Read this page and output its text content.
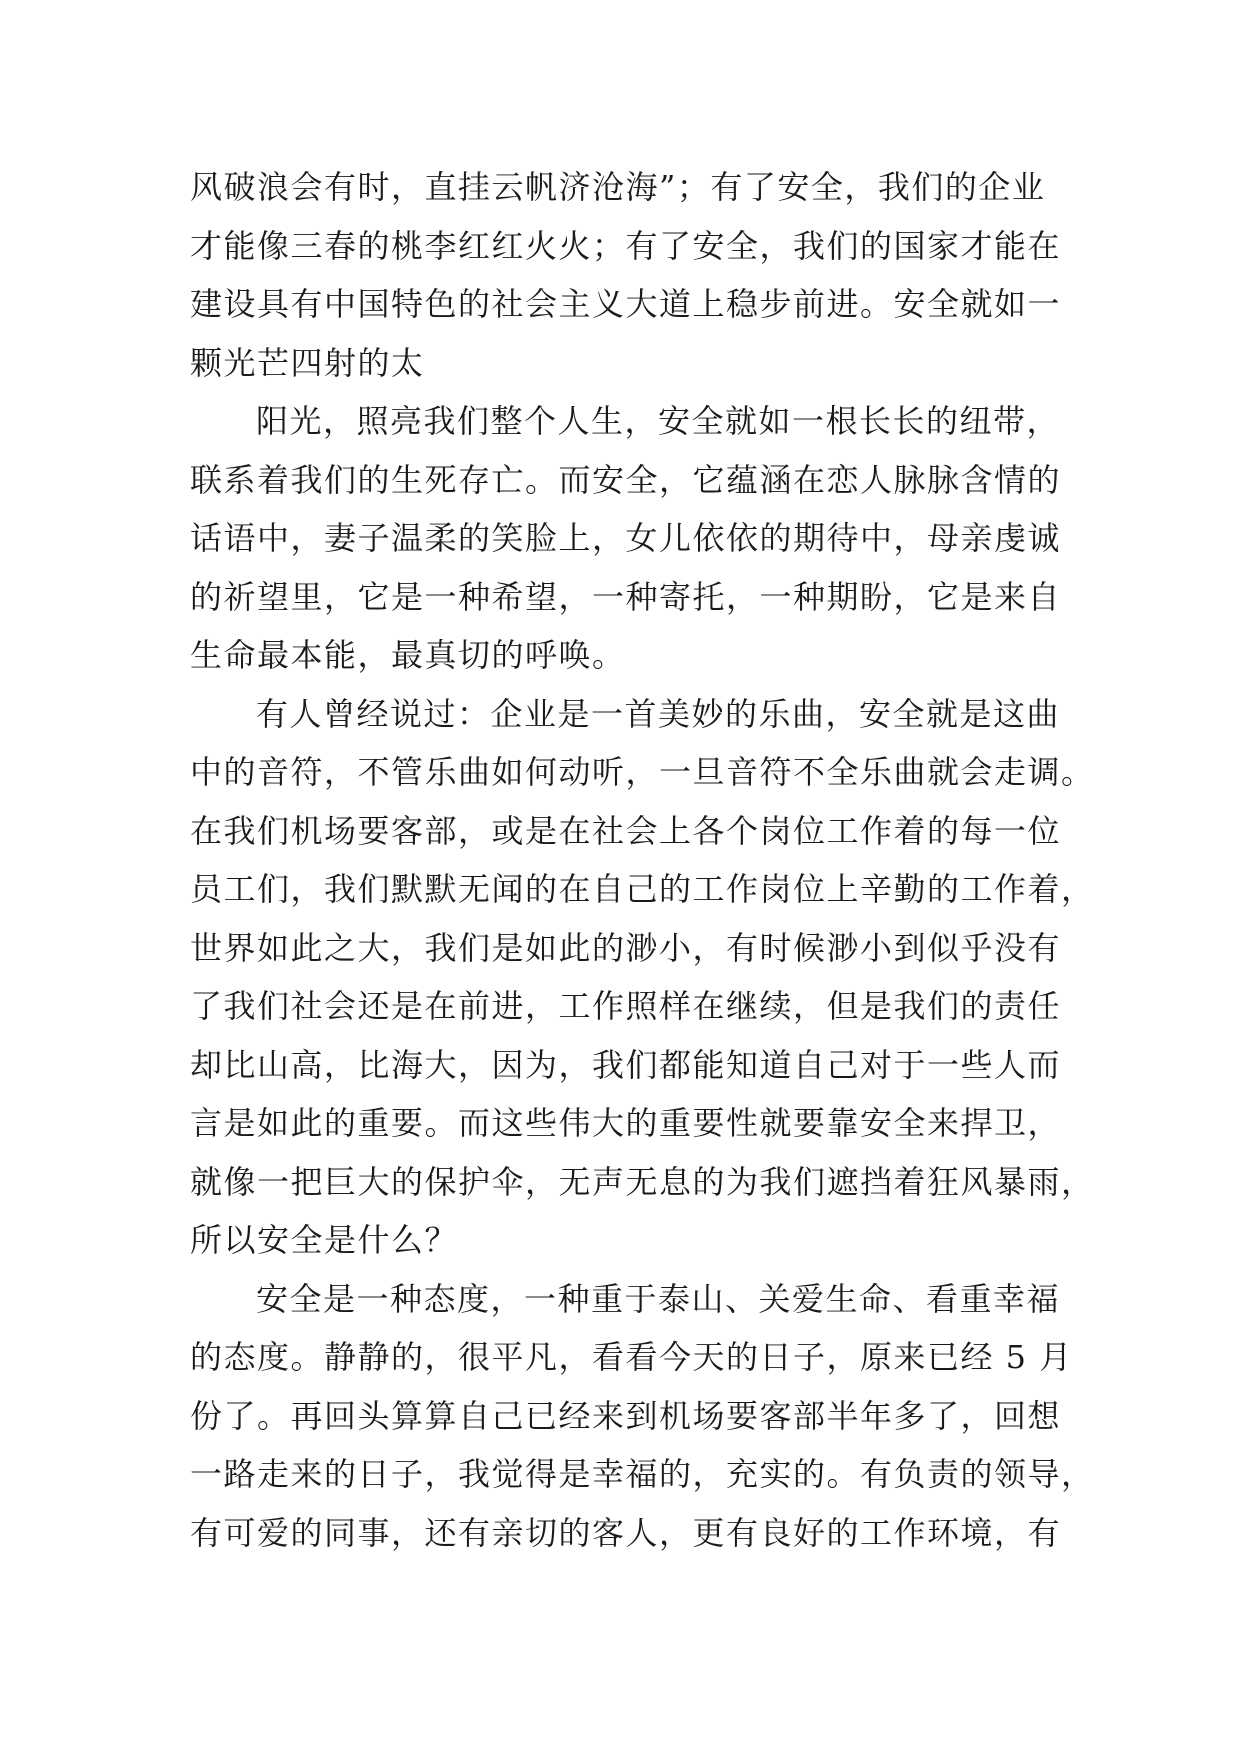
风破浪会有时，直挂云帆济沧海”；有了安全，我们的企业
才能像三春的桃李红红火火；有了安全，我们的国家才能在
建设具有中国特色的社会主义大道上稳步前进。安全就如一
颗光芒四射的太
阳光，照亮我们整个人生，安全就如一根长长的纽带，
联系着我们的生死存亡。而安全，它蕴涵在恋人脉脉含情的
话语中，妻子温柔的笑脸上，女儿依依的期待中，母亲虔诚
的祈望里，它是一种希望，一种寄托，一种期盼，它是来自
生命最本能，最真切的呼唤。
有人曾经说过：企业是一首美妙的乐曲，安全就是这曲
中的音符，不管乐曲如何动听，一旦音符不全乐曲就会走调。
在我们机场要客部，或是在社会上各个岗位工作着的每一位
员工们，我们默默无闻的在自己的工作岗位上辛勤的工作着，
世界如此之大，我们是如此的渺小，有时候渺小到似乎没有
了我们社会还是在前进，工作照样在继续，但是我们的责任
却比山高，比海大，因为，我们都能知道自己对于一些人而
言是如此的重要。而这些伟大的重要性就要靠安全来捍卫，
就像一把巨大的保护伞，无声无息的为我们遮挡着狂风暴雨，
所以安全是什么？
安全是一种态度，一种重于泰山、关爱生命、看重幸福
的态度。静静的，很平凡，看看今天的日子，原来已经 5 月
份了。再回头算算自己已经来到机场要客部半年多了，回想
一路走来的日子，我觉得是幸福的，充实的。有负责的领导，
有可爱的同事，还有亲切的客人，更有良好的工作环境，有
